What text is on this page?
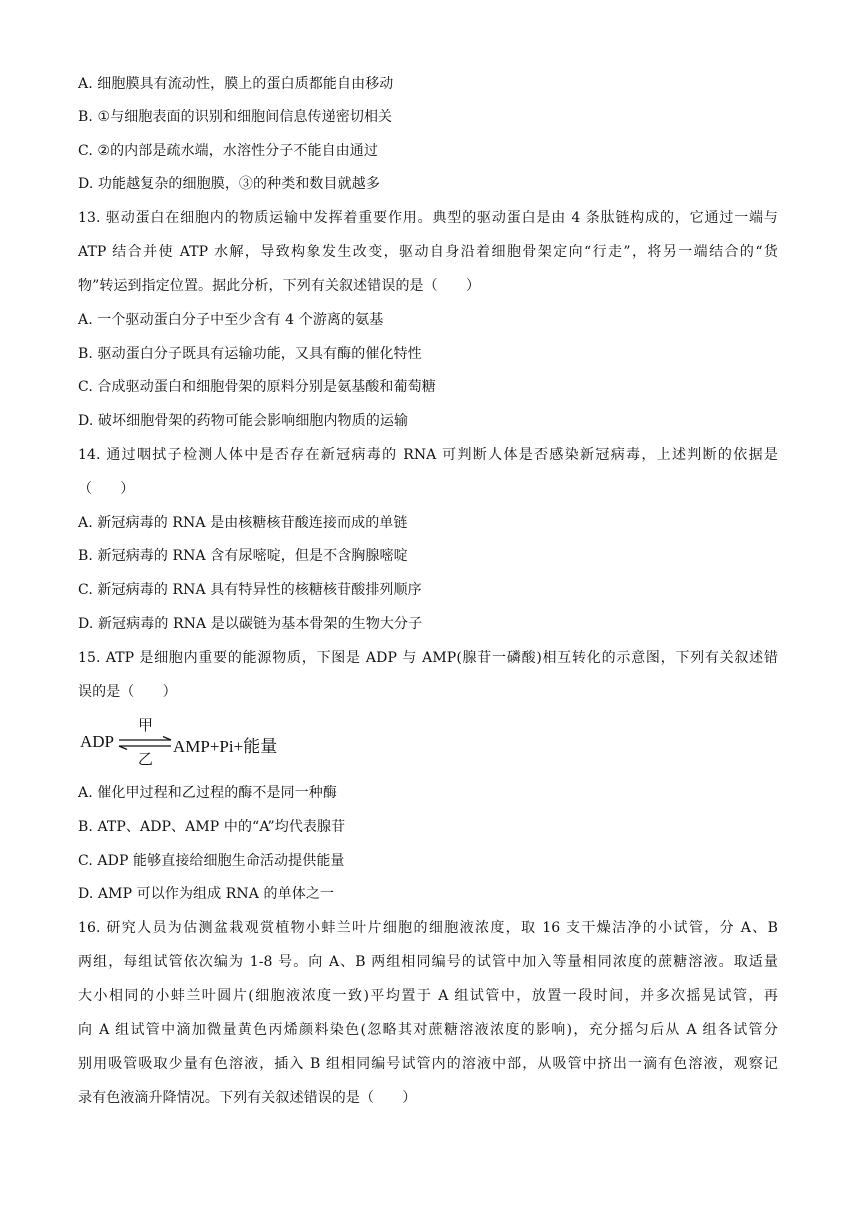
A. 细胞膜具有流动性，膜上的蛋白质都能自由移动
B. ①与细胞表面的识别和细胞间信息传递密切相关
C. ②的内部是疏水端，水溶性分子不能自由通过
D. 功能越复杂的细胞膜，③的种类和数目就越多
13. 驱动蛋白在细胞内的物质运输中发挥着重要作用。典型的驱动蛋白是由 4 条肽链构成的，它通过一端与
ATP 结合并使 ATP 水解，导致构象发生改变，驱动自身沿着细胞骨架定向“行走”，将另一端结合的“货
物”转运到指定位置。据此分析，下列有关叙述错误的是（　　）
A. 一个驱动蛋白分子中至少含有 4 个游离的氨基
B. 驱动蛋白分子既具有运输功能，又具有酶的催化特性
C. 合成驱动蛋白和细胞骨架的原料分别是氨基酸和葡萄糖
D. 破坏细胞骨架的药物可能会影响细胞内物质的运输
14. 通过咽拭子检测人体中是否存在新冠病毒的 RNA 可判断人体是否感染新冠病毒，上述判断的依据是
（　　）
A. 新冠病毒的 RNA 是由核糖核苷酸连接而成的单链
B. 新冠病毒的 RNA 含有尿嘧啶，但是不含胸腺嘧啶
C. 新冠病毒的 RNA 具有特异性的核糖核苷酸排列顺序
D. 新冠病毒的 RNA 是以碳链为基本骨架的生物大分子
15. ATP 是细胞内重要的能源物质，下图是 ADP 与 AMP(腺苷一磷酸)相互转化的示意图，下列有关叙述错
误的是（　　）
ADP
甲
乙
AMP+Pi+能量
A. 催化甲过程和乙过程的酶不是同一种酶
B. ATP、ADP、AMP 中的“A”均代表腺苷
C. ADP 能够直接给细胞生命活动提供能量
D. AMP 可以作为组成 RNA 的单体之一
16. 研究人员为估测盆栽观赏植物小蚌兰叶片细胞的细胞液浓度，取 16 支干燥洁净的小试管，分 A、B
两组，每组试管依次编为 1-8 号。向 A、B 两组相同编号的试管中加入等量相同浓度的蔗糖溶液。取适量
大小相同的小蚌兰叶圆片(细胞液浓度一致)平均置于 A 组试管中，放置一段时间，并多次摇晃试管，再
向 A 组试管中滴加微量黄色丙烯颜料染色(忽略其对蔗糖溶液浓度的影响)，充分摇匀后从 A 组各试管分
别用吸管吸取少量有色溶液，插入 B 组相同编号试管内的溶液中部，从吸管中挤出一滴有色溶液，观察记
录有色液滴升降情况。下列有关叙述错误的是（　　）
